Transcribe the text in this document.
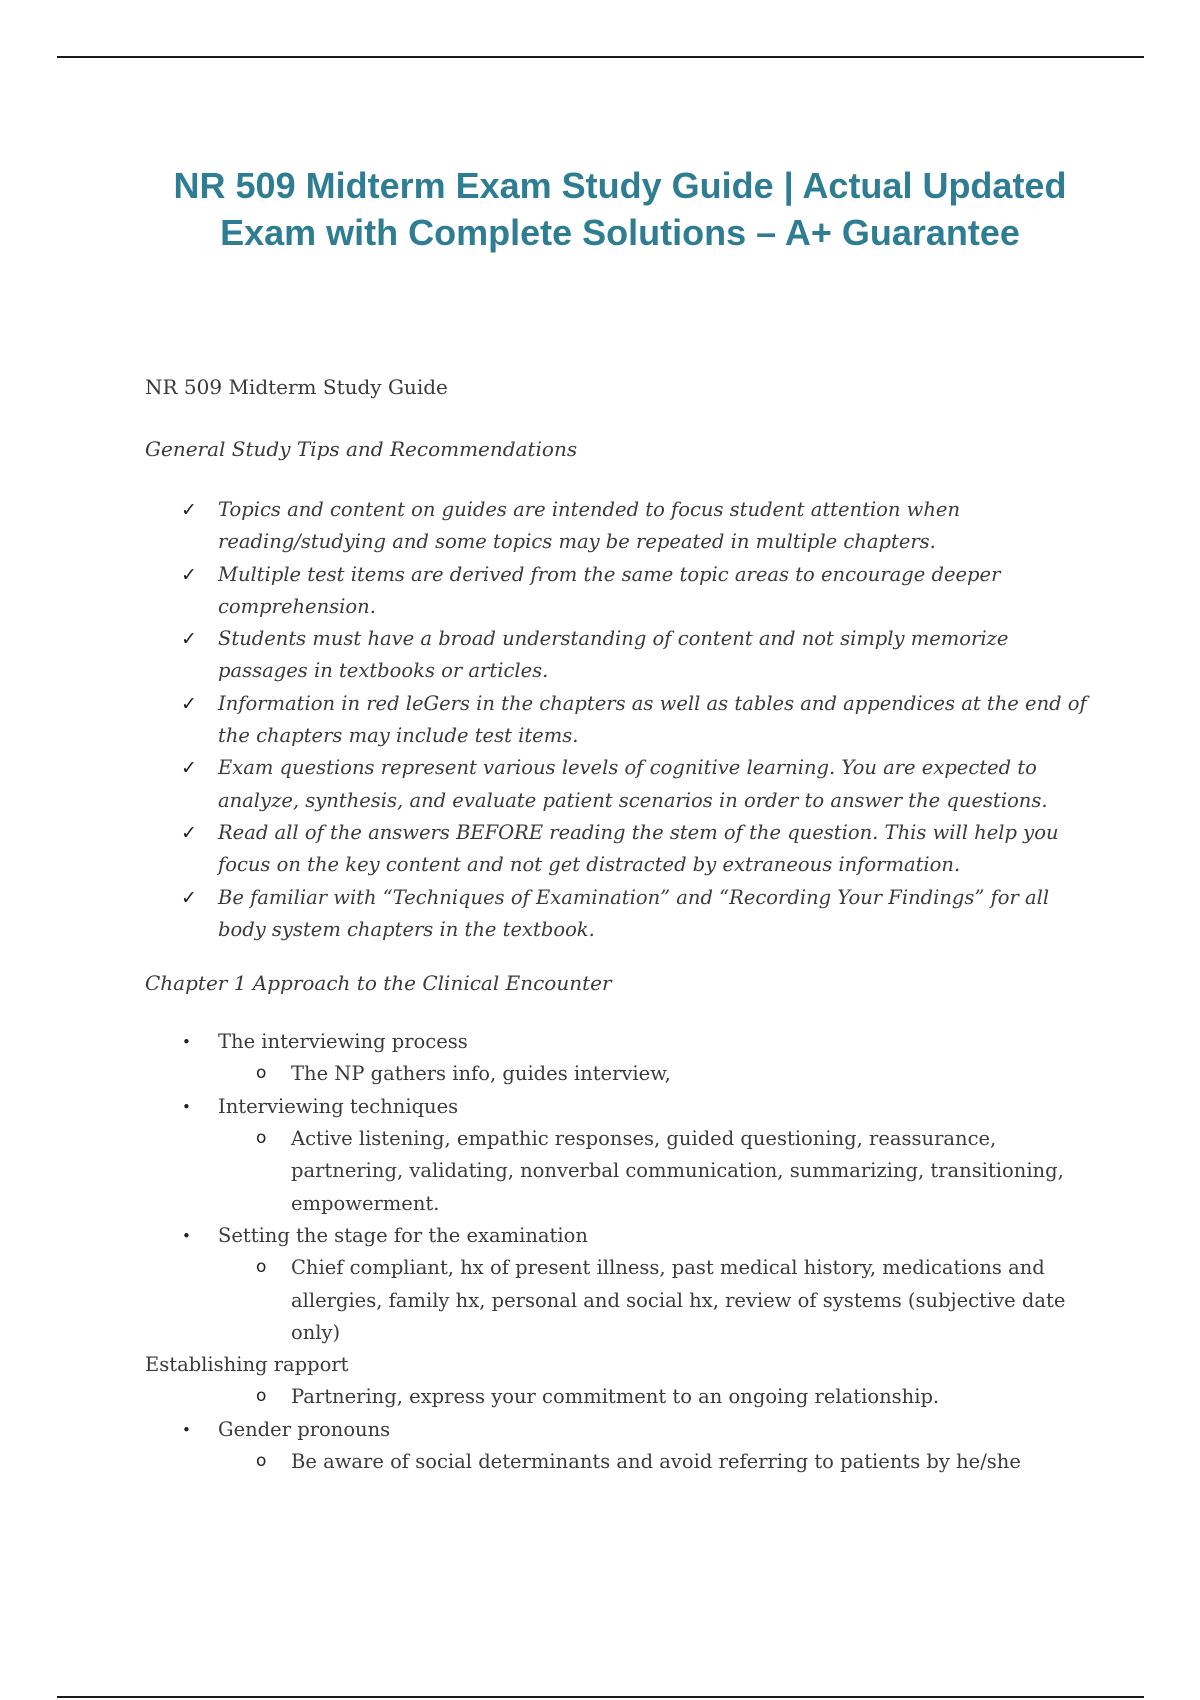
NR 509 Midterm Exam Study Guide | Actual Updated Exam with Complete Solutions – A+ Guarantee

NR 509 Midterm Study Guide

General Study Tips and Recommendations

✓ Topics and content on guides are intended to focus student attention when reading/studying and some topics may be repeated in multiple chapters.
✓ Multiple test items are derived from the same topic areas to encourage deeper comprehension.
✓ Students must have a broad understanding of content and not simply memorize passages in textbooks or articles.
✓ Information in red leGers in the chapters as well as tables and appendices at the end of the chapters may include test items.
✓ Exam questions represent various levels of cognitive learning. You are expected to analyze, synthesis, and evaluate patient scenarios in order to answer the questions.
✓ Read all of the answers BEFORE reading the stem of the question. This will help you focus on the key content and not get distracted by extraneous information.
✓ Be familiar with “Techniques of Examination” and “Recording Your Findings” for all body system chapters in the textbook.

Chapter 1 Approach to the Clinical Encounter

• The interviewing process
o The NP gathers info, guides interview,
• Interviewing techniques
o Active listening, empathic responses, guided questioning, reassurance, partnering, validating, nonverbal communication, summarizing, transitioning, empowerment.
• Setting the stage for the examination
o Chief compliant, hx of present illness, past medical history, medications and allergies, family hx, personal and social hx, review of systems (subjective date only)
Establishing rapport
o Partnering, express your commitment to an ongoing relationship.
• Gender pronouns
o Be aware of social determinants and avoid referring to patients by he/she
